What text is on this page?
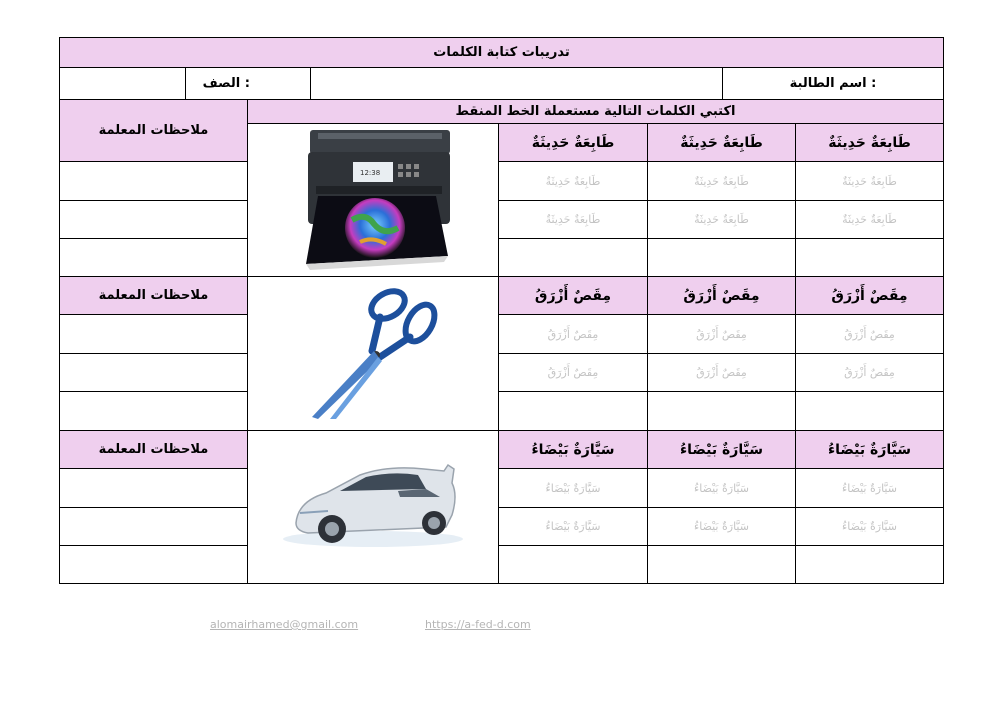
تدريبات كتابة الكلمات
اسم الطالبة :
الصف :
اكتبي الكلمات التالية مستعملة الخط المنقط
ملاحظات المعلمة
12:38
طَابِعَةٌ حَدِيثَةٌ	طَابِعَةٌ حَدِيثَةٌ	طَابِعَةٌ حَدِيثَةٌ
طَابِعَةٌ حَدِيثَةٌ	طَابِعَةٌ حَدِيثَةٌ	طَابِعَةٌ حَدِيثَةٌ
طَابِعَةٌ حَدِيثَةٌ	طَابِعَةٌ حَدِيثَةٌ	طَابِعَةٌ حَدِيثَةٌ
ملاحظات المعلمة	مِقَصٌ أَزْرَقُ	مِقَصٌ أَزْرَقُ	مِقَصٌ أَزْرَقُ
مِقَصٌ أَزْرَقُ	مِقَصٌ أَزْرَقُ	مِقَصٌ أَزْرَقُ
مِقَصٌ أَزْرَقُ	مِقَصٌ أَزْرَقُ	مِقَصٌ أَزْرَقُ
ملاحظات المعلمة	سَيَّارَةٌ بَيْضَاءُ	سَيَّارَةٌ بَيْضَاءُ	سَيَّارَةٌ بَيْضَاءُ
سَيَّارَةٌ بَيْضَاءُ	سَيَّارَةٌ بَيْضَاءُ	سَيَّارَةٌ بَيْضَاءُ
سَيَّارَةٌ بَيْضَاءُ	سَيَّارَةٌ بَيْضَاءُ	سَيَّارَةٌ بَيْضَاءُ
alomairhamed@gmail.com	https://a-fed-d.com
